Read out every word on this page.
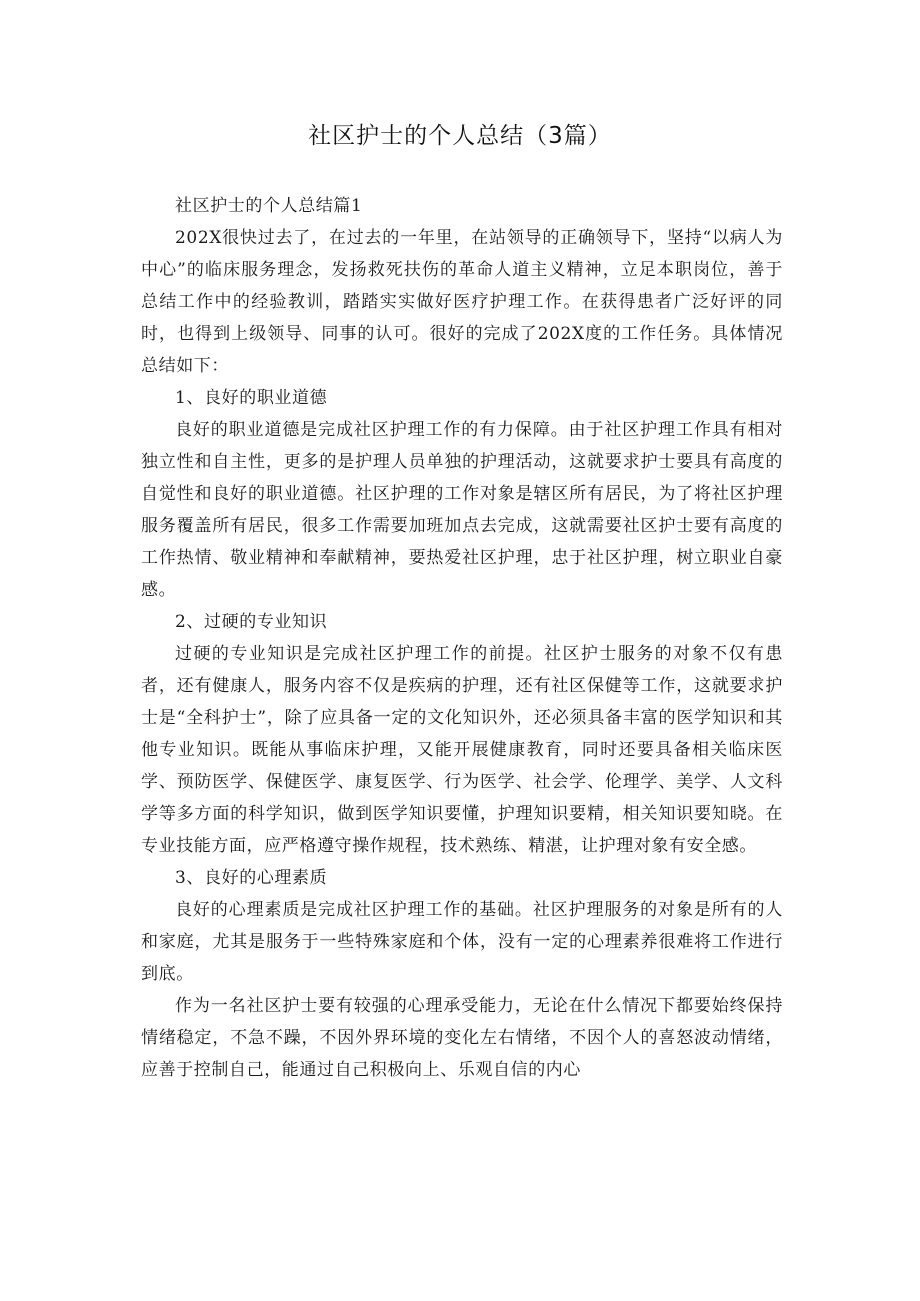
社区护士的个人总结（3篇）

社区护士的个人总结篇1

202X很快过去了，在过去的一年里，在站领导的正确领导下，坚持“以病人为中心”的临床服务理念，发扬救死扶伤的革命人道主义精神，立足本职岗位，善于总结工作中的经验教训，踏踏实实做好医疗护理工作。在获得患者广泛好评的同时，也得到上级领导、同事的认可。很好的完成了202X度的工作任务。具体情况总结如下：

1、良好的职业道德

良好的职业道德是完成社区护理工作的有力保障。由于社区护理工作具有相对独立性和自主性，更多的是护理人员单独的护理活动，这就要求护士要具有高度的自觉性和良好的职业道德。社区护理的工作对象是辖区所有居民，为了将社区护理服务覆盖所有居民，很多工作需要加班加点去完成，这就需要社区护士要有高度的工作热情、敬业精神和奉献精神，要热爱社区护理，忠于社区护理，树立职业自豪感。

2、过硬的专业知识

过硬的专业知识是完成社区护理工作的前提。社区护士服务的对象不仅有患者，还有健康人，服务内容不仅是疾病的护理，还有社区保健等工作，这就要求护士是“全科护士”，除了应具备一定的文化知识外，还必须具备丰富的医学知识和其他专业知识。既能从事临床护理，又能开展健康教育，同时还要具备相关临床医学、预防医学、保健医学、康复医学、行为医学、社会学、伦理学、美学、人文科学等多方面的科学知识，做到医学知识要懂，护理知识要精，相关知识要知晓。在专业技能方面，应严格遵守操作规程，技术熟练、精湛，让护理对象有安全感。

3、良好的心理素质

良好的心理素质是完成社区护理工作的基础。社区护理服务的对象是所有的人和家庭，尤其是服务于一些特殊家庭和个体，没有一定的心理素养很难将工作进行到底。

作为一名社区护士要有较强的心理承受能力，无论在什么情况下都要始终保持情绪稳定，不急不躁，不因外界环境的变化左右情绪，不因个人的喜怒波动情绪，应善于控制自己，能通过自己积极向上、乐观自信的内心
